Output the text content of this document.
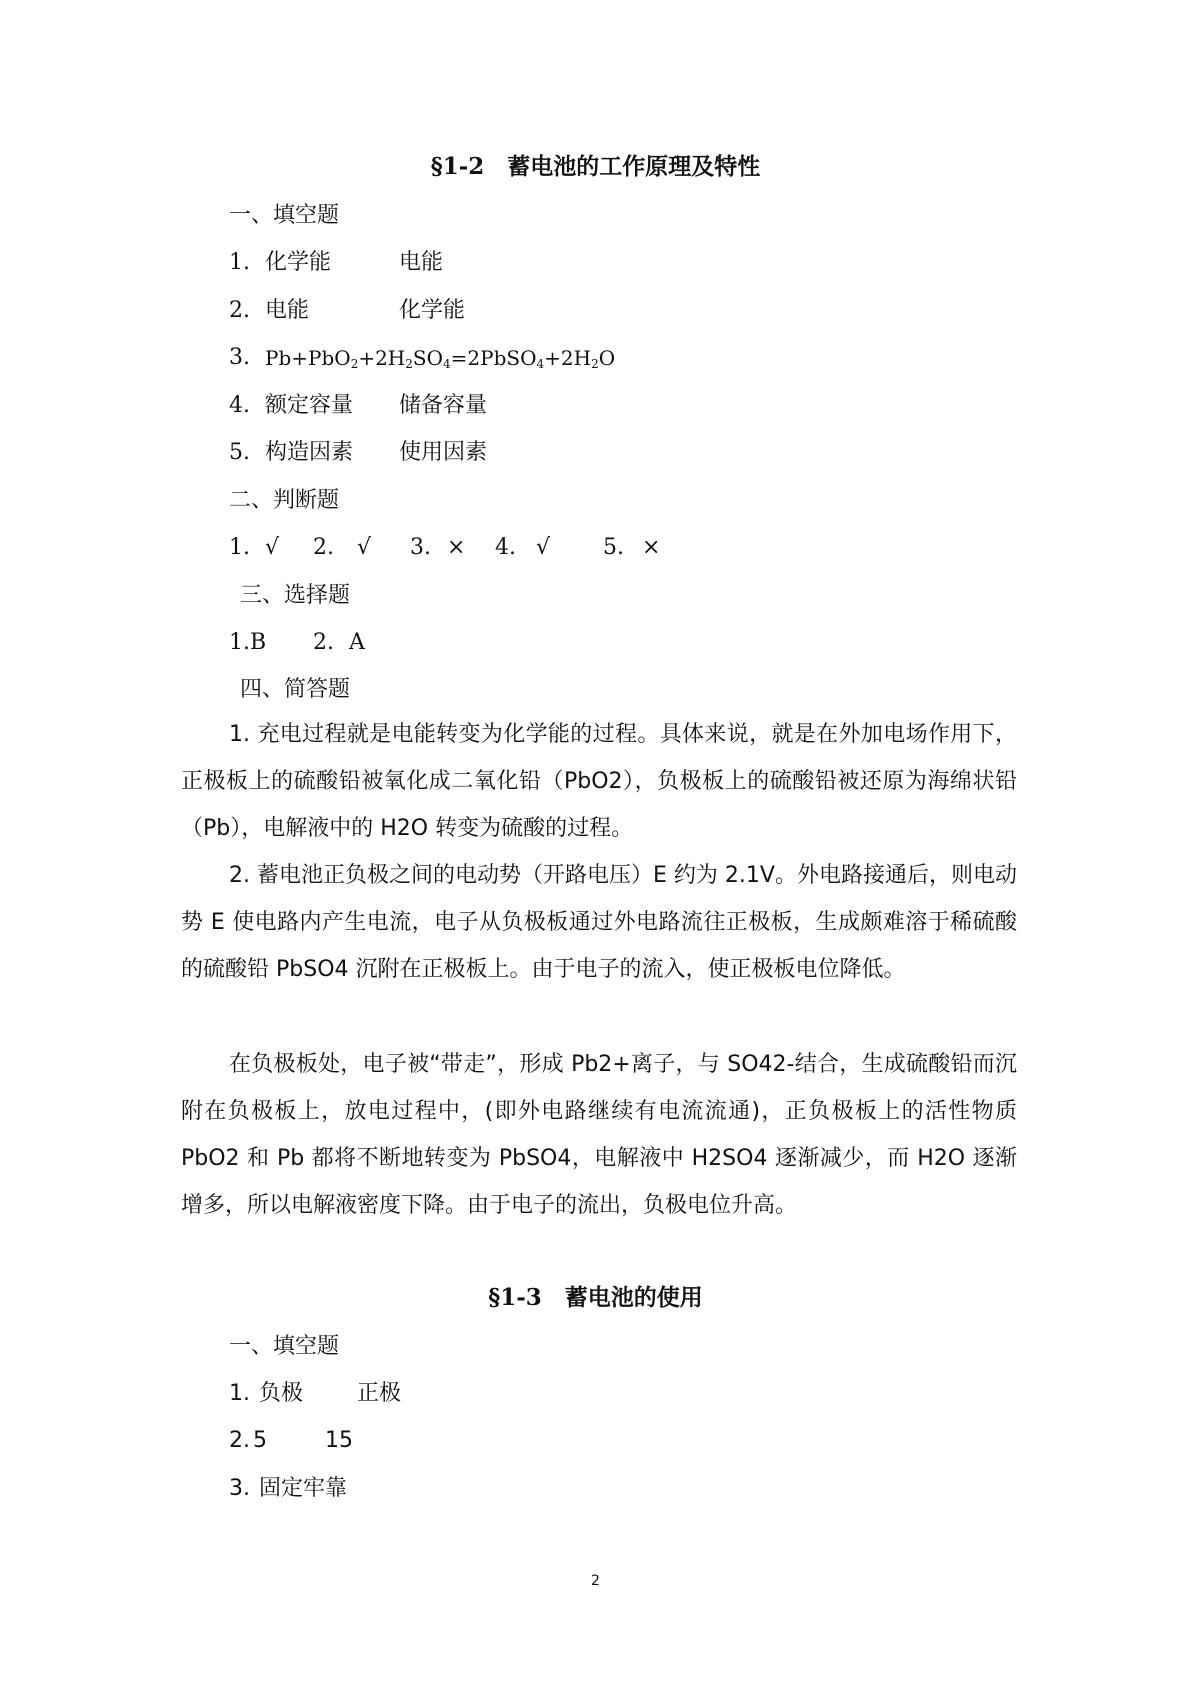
§1-2　蓄电池的工作原理及特性
一、填空题
1. 化学能	电能
2. 电能	化学能
3. $Pb+PbO_2+2H_2SO_4=2PbSO_4+2H_2O$
4. 额定容量 储备容量
5. 构造因素 使用因素
二、判断题
1. √ 2. √ 3. × 4. √ 5. ×
三、选择题
1.B 2. A
四、简答题
1. 充电过程就是电能转变为化学能的过程。具体来说，就是在外加电场作用下，正极板上的硫酸铅被氧化成二氧化铅（PbO2），负极板上的硫酸铅被还原为海绵状铅（Pb），电解液中的 H2O 转变为硫酸的过程。
2. 蓄电池正负极之间的电动势（开路电压）E 约为 2.1V。外电路接通后，则电动势 E 使电路内产生电流，电子从负极板通过外电路流往正极板，生成颇难溶于稀硫酸的硫酸铅 PbSO4 沉附在正极板上。由于电子的流入，使正极板电位降低。
在负极板处，电子被“带走”，形成 Pb2+离子，与 SO42-结合，生成硫酸铅而沉附在负极板上，放电过程中，(即外电路继续有电流流通)，正负极板上的活性物质 PbO2 和 Pb 都将不断地转变为 PbSO4，电解液中 H2SO4 逐渐减少，而 H2O 逐渐增多，所以电解液密度下降。由于电子的流出，负极电位升高。
§1-3　蓄电池的使用
一、填空题
1. 负极 正极
2. 5	15
3. 固定牢靠
2
